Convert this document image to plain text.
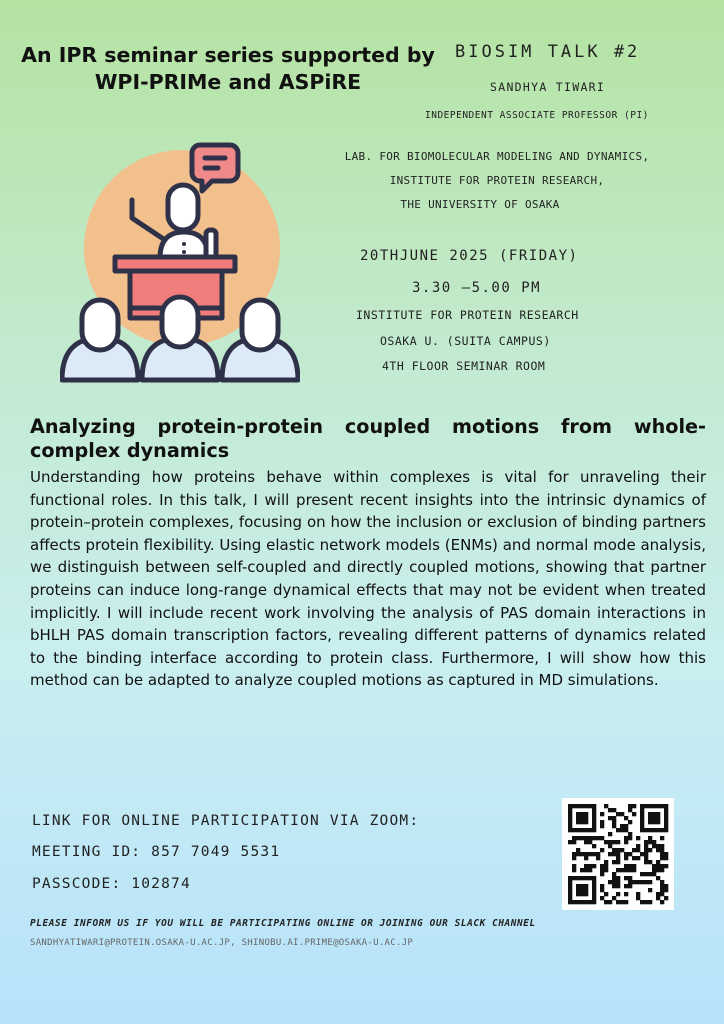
An IPR seminar series supported by
WPI-PRIMe and ASPiRE
BIOSIM TALK #2
SANDHYA TIWARI
INDEPENDENT ASSOCIATE PROFESSOR (PI)
LAB. FOR BIOMOLECULAR MODELING AND DYNAMICS,
INSTITUTE FOR PROTEIN RESEARCH,
THE UNIVERSITY OF OSAKA
20THJUNE 2025 (FRIDAY)
3.30 –5.00 PM
INSTITUTE FOR PROTEIN RESEARCH
OSAKA U. (SUITA CAMPUS)
4TH FLOOR SEMINAR ROOM
Analyzing protein-protein coupled motions from whole-complex dynamics

Understanding how proteins behave within complexes is vital for unraveling their functional roles. In this talk, I will present recent insights into the intrinsic dynamics of protein–protein complexes, focusing on how the inclusion or exclusion of binding partners affects protein flexibility. Using elastic network models (ENMs) and normal mode analysis, we distinguish between self-coupled and directly coupled motions, showing that partner proteins can induce long-range dynamical effects that may not be evident when treated implicitly. I will include recent work involving the analysis of PAS domain interactions in bHLH PAS domain transcription factors, revealing different patterns of dynamics related to the binding interface according to protein class. Furthermore, I will show how this method can be adapted to analyze coupled motions as captured in MD simulations.

LINK FOR ONLINE PARTICIPATION VIA ZOOM:
MEETING ID: 857 7049 5531
PASSCODE: 102874
PLEASE INFORM US IF YOU WILL BE PARTICIPATING ONLINE OR JOINING OUR SLACK CHANNEL
SANDHYATIWARI@PROTEIN.OSAKA-U.AC.JP, SHINOBU.AI.PRIME@OSAKA-U.AC.JP
